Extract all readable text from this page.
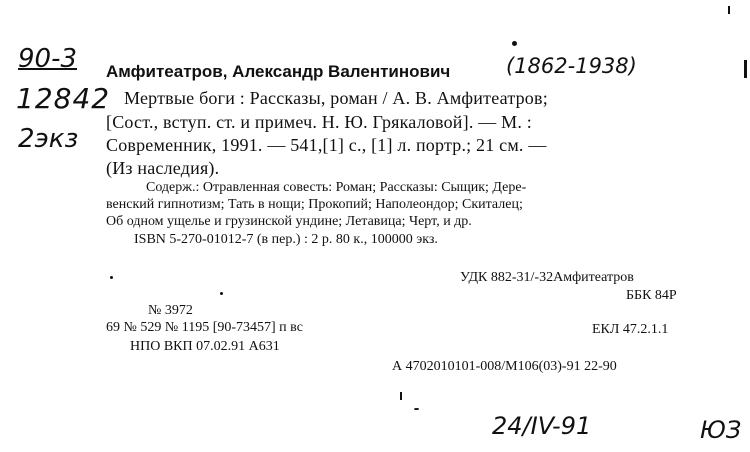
90-3
12842
2экз
Амфитеатров, Александр Валентинович	(1862-1938)
Мертвые боги : Рассказы, роман / А. В. Амфитеатров;
[Сост., вступ. ст. и примеч. Н. Ю. Грякаловой]. — М. :
Современник, 1991. — 541,[1] с., [1] л. портр.; 21 см. —
(Из наследия).
Содерж.: Отравленная совесть: Роман; Рассказы: Сыщик; Дере-
венский гипнотизм; Тать в нощи; Прокопий; Наполеондор; Скиталец;
Об одном ущелье и грузинской ундине; Летавица; Черт, и др.
ISBN 5-270-01012-7 (в пер.) : 2 р. 80 к., 100000 экз.
УДК 882-31/-32Амфитеатров
ББК 84Р
№ 3972
69 № 529 № 1195 [90-73457] п вс	ЕКЛ 47.2.1.1
НПО ВКП 07.02.91 А631
А 4702010101-008/М106(03)-91 22-90
24/IV-91	ЮЗ
